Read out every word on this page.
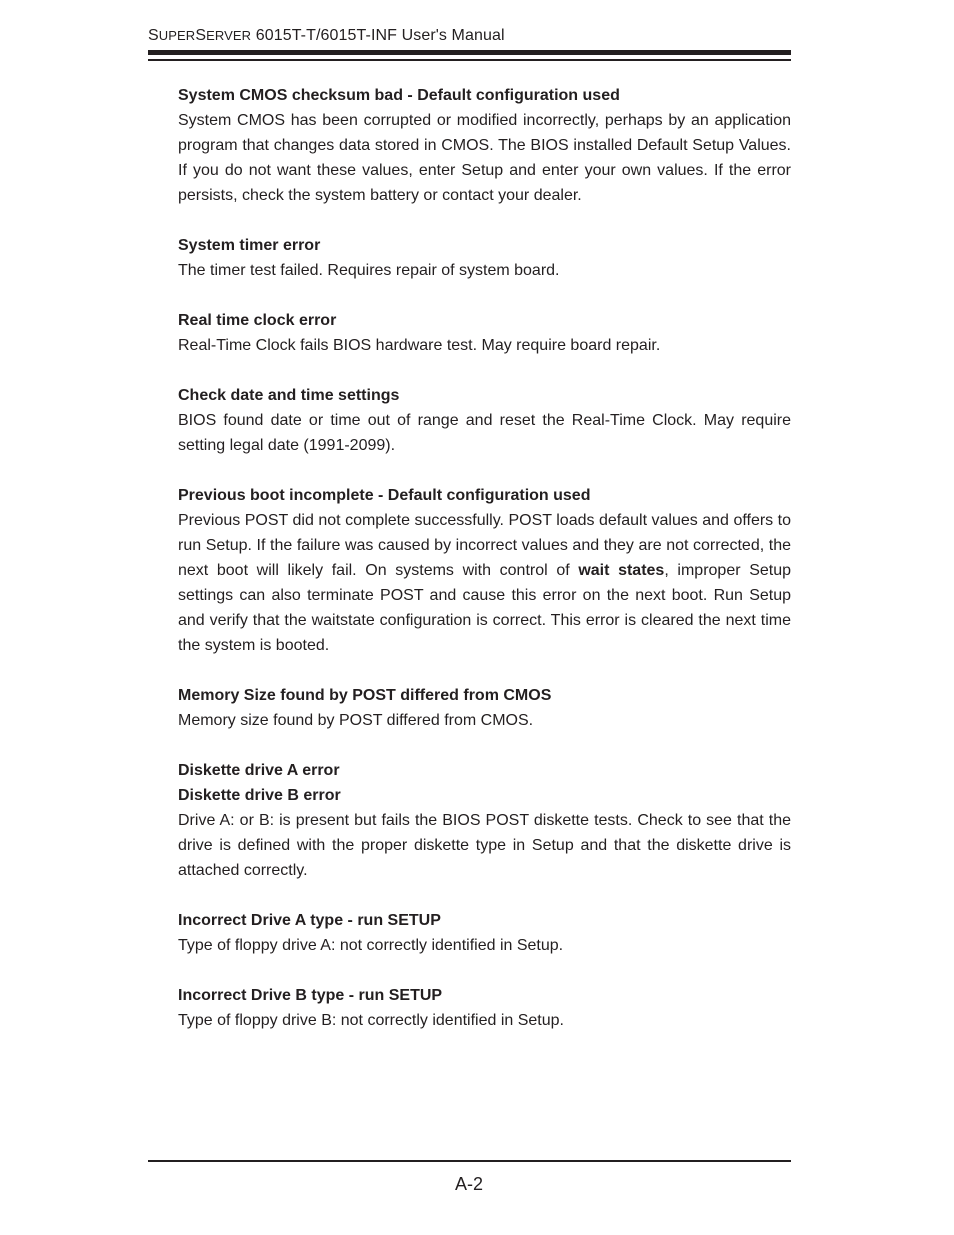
SUPERSERVER 6015T-T/6015T-INF User's Manual
System CMOS checksum bad - Default configuration used
System CMOS has been corrupted or modified incorrectly, perhaps by an application program that changes data stored in CMOS. The BIOS installed Default Setup Values. If you do not want these values, enter Setup and enter your own values. If the error persists, check the system battery or contact your dealer.
System timer error
The timer test failed. Requires repair of system board.
Real time clock error
Real-Time Clock fails BIOS hardware test. May require board repair.
Check date and time settings
BIOS found date or time out of range and reset the Real-Time Clock. May require setting legal date (1991-2099).
Previous boot incomplete - Default configuration used
Previous POST did not complete successfully. POST loads default values and offers to run Setup. If the failure was caused by incorrect values and they are not corrected, the next boot will likely fail. On systems with control of wait states, improper Setup settings can also terminate POST and cause this error on the next boot. Run Setup and verify that the waitstate configuration is correct. This error is cleared the next time the system is booted.
Memory Size found by POST differed from CMOS
Memory size found by POST differed from CMOS.
Diskette drive A error
Diskette drive B error
Drive A: or B: is present but fails the BIOS POST diskette tests. Check to see that the drive is defined with the proper diskette type in Setup and that the diskette drive is attached correctly.
Incorrect Drive A type - run SETUP
Type of floppy drive A: not correctly identified in Setup.
Incorrect Drive B type - run SETUP
Type of floppy drive B: not correctly identified in Setup.
A-2
